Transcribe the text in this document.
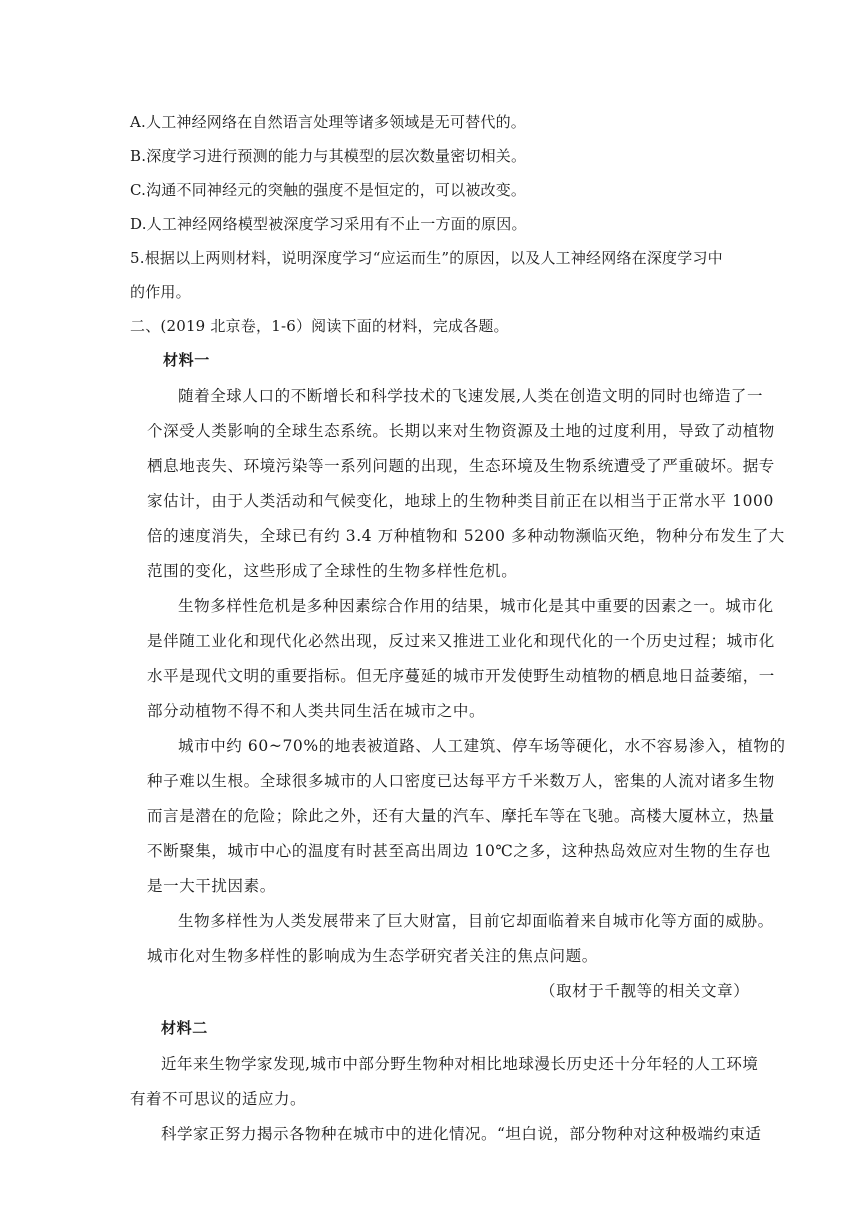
A.人工神经网络在自然语言处理等诸多领域是无可替代的。
B.深度学习进行预测的能力与其模型的层次数量密切相关。
C.沟通不同神经元的突触的强度不是恒定的，可以被改变。
D.人工神经网络模型被深度学习采用有不止一方面的原因。
5.根据以上两则材料，说明深度学习“应运而生”的原因，以及人工神经网络在深度学习中
的作用。
二、(2019 北京卷，1-6）阅读下面的材料，完成各题。
材料一
随着全球人口的不断增长和科学技术的飞速发展,人类在创造文明的同时也缔造了一
个深受人类影响的全球生态系统。长期以来对生物资源及土地的过度利用，导致了动植物
栖息地丧失、环境污染等一系列问题的出现，生态环境及生物系统遭受了严重破坏。据专
家估计，由于人类活动和气候变化，地球上的生物种类目前正在以相当于正常水平 1000
倍的速度消失，全球已有约 3.4 万种植物和 5200 多种动物濒临灭绝，物种分布发生了大
范围的变化，这些形成了全球性的生物多样性危机。
生物多样性危机是多种因素综合作用的结果，城市化是其中重要的因素之一。城市化
是伴随工业化和现代化必然出现，反过来又推进工业化和现代化的一个历史过程；城市化
水平是现代文明的重要指标。但无序蔓延的城市开发使野生动植物的栖息地日益萎缩，一
部分动植物不得不和人类共同生活在城市之中。
城市中约 60~70%的地表被道路、人工建筑、停车场等硬化，水不容易渗入，植物的
种子难以生根。全球很多城市的人口密度已达每平方千米数万人，密集的人流对诸多生物
而言是潜在的危险；除此之外，还有大量的汽车、摩托车等在飞驰。高楼大厦林立，热量
不断聚集，城市中心的温度有时甚至高出周边 10℃之多，这种热岛效应对生物的生存也
是一大干扰因素。
生物多样性为人类发展带来了巨大财富，目前它却面临着来自城市化等方面的威胁。
城市化对生物多样性的影响成为生态学研究者关注的焦点问题。
（取材于千靓等的相关文章）
材料二
近年来生物学家发现,城市中部分野生物种对相比地球漫长历史还十分年轻的人工环境
有着不可思议的适应力。
科学家正努力揭示各物种在城市中的进化情况。“坦白说，部分物种对这种极端约束适
